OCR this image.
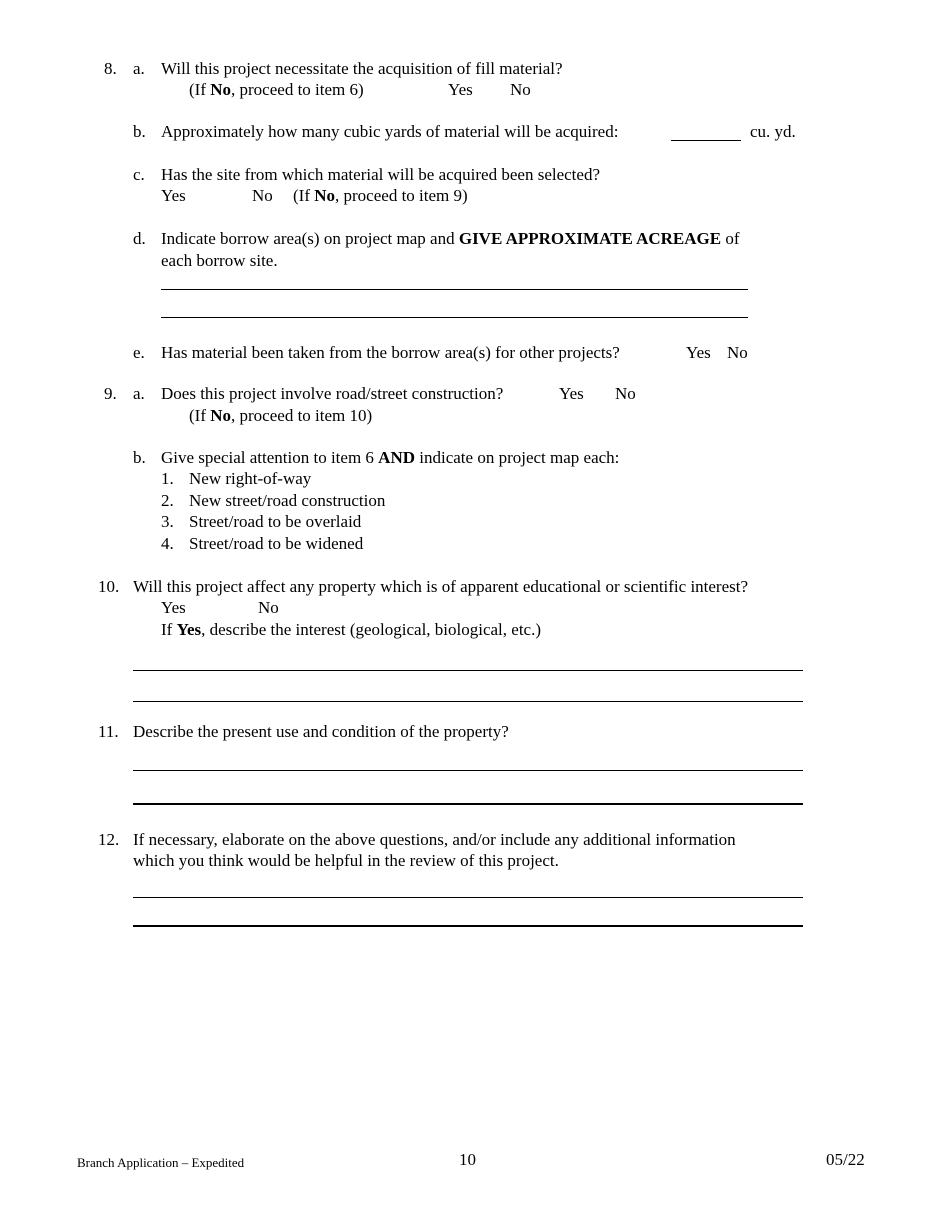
8. a. Will this project necessitate the acquisition of fill material?
(If No, proceed to item 6)	Yes No
b. Approximately how many cubic yards of material will be acquired:	cu. yd.
c. Has the site from which material will be acquired been selected?
Yes	No (If No, proceed to item 9)
d. Indicate borrow area(s) on project map and GIVE APPROXIMATE ACREAGE of
each borrow site.
e. Has material been taken from the borrow area(s) for other projects?	Yes No
9. a. Does this project involve road/street construction?	Yes No
(If No, proceed to item 10)
b. Give special attention to item 6 AND indicate on project map each:
1. New right-of-way
2. New street/road construction
3. Street/road to be overlaid
4. Street/road to be widened
10. Will this project affect any property which is of apparent educational or scientific interest?
Yes	No
If Yes, describe the interest (geological, biological, etc.)
11. Describe the present use and condition of the property?
12. If necessary, elaborate on the above questions, and/or include any additional information
which you think would be helpful in the review of this project.
Branch Application – Expedited	10	05/22
